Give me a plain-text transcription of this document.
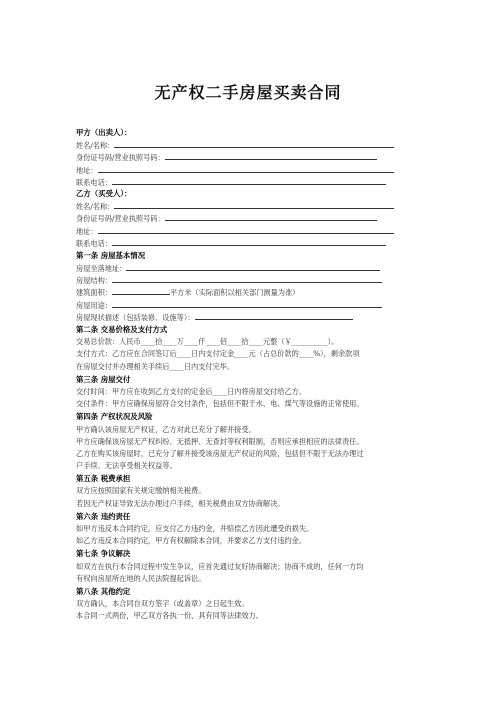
无产权二手房屋买卖合同
甲方（出卖人）：
姓名/名称：
身份证号码/营业执照号码：
地址：
联系电话：
乙方（买受人）：
姓名/名称：
身份证号码/营业执照号码：
地址：
联系电话：
第一条 房屋基本情况
房屋坐落地址：
房屋结构：
建筑面积：	平方米（实际面积以相关部门测量为准）
房屋用途：
房屋现状描述（包括装修、设施等）：
第二条 交易价格及支付方式
交易总价款：人民币____拾____万____仟____佰____拾____元整（￥__________）。
支付方式：乙方应在合同签订后____日内支付定金____元（占总价款的____%），剩余款项
在房屋交付并办理相关手续后____日内支付完毕。
第三条 房屋交付
交付时间：甲方应在收到乙方支付的定金后____日内将房屋交付给乙方。
交付条件：甲方应确保房屋符合交付条件，包括但不限于水、电、煤气等设施的正常使用。
第四条 产权状况及风险
甲方确认该房屋无产权证，乙方对此已充分了解并接受。
甲方应确保该房屋无产权纠纷、无抵押、无查封等权利限制，否则应承担相应的法律责任。
乙方在购买该房屋时，已充分了解并接受该房屋无产权证的风险，包括但不限于无法办理过
户手续、无法享受相关权益等。
第五条 税费承担
双方应按照国家有关规定缴纳相关税费。
若因无产权证导致无法办理过户手续，相关税费由双方协商解决。
第六条 违约责任
如甲方违反本合同约定，应支付乙方违约金，并赔偿乙方因此遭受的损失。
如乙方违反本合同约定，甲方有权解除本合同，并要求乙方支付违约金。
第七条 争议解决
如双方在执行本合同过程中发生争议，应首先通过友好协商解决；协商不成的，任何一方均
有权向房屋所在地的人民法院提起诉讼。
第八条 其他约定
双方确认，本合同自双方签字（或盖章）之日起生效。
本合同一式两份，甲乙双方各执一份，具有同等法律效力。
